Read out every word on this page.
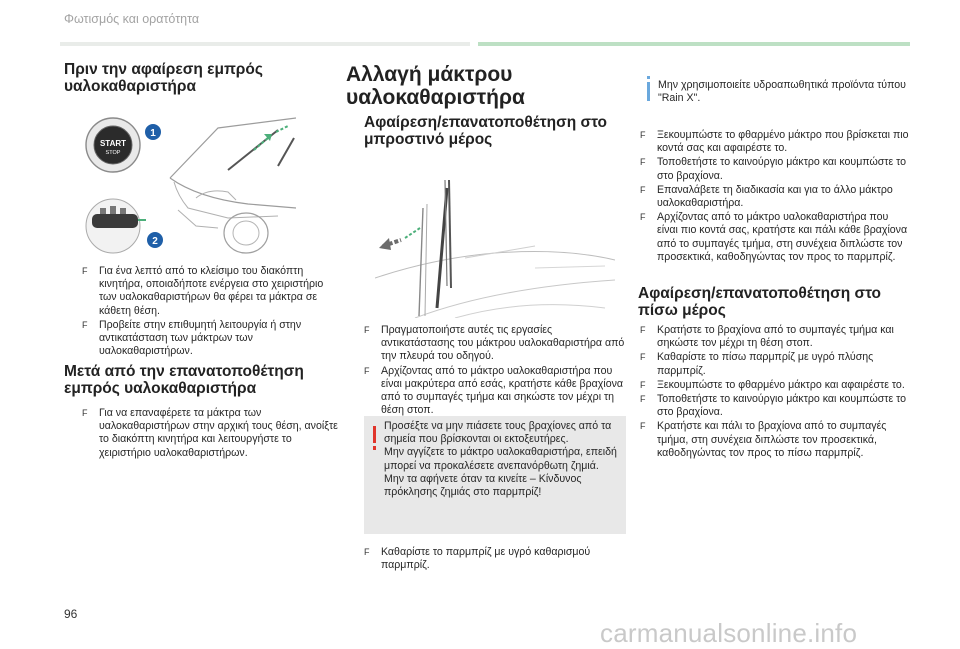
Φωτισμός και ορατότητα
Πριν την αφαίρεση εμπρός
υαλοκαθαριστήρα
START
STOP
1
2
F Για ένα λεπτό από το κλείσιμο του διακόπτη κινητήρα, οποιαδήποτε ενέργεια στο χειριστήριο των υαλοκαθαριστήρων θα φέρει τα μάκτρα σε κάθετη θέση.
F Προβείτε στην επιθυμητή λειτουργία ή στην αντικατάσταση των μάκτρων των υαλοκαθαριστήρων.
Μετά από την επανατοποθέτηση
εμπρός υαλοκαθαριστήρα
F Για να επαναφέρετε τα μάκτρα των υαλοκαθαριστήρων στην αρχική τους θέση, ανοίξτε το διακόπτη κινητήρα και λειτουργήστε το χειριστήριο υαλοκαθαριστήρων.
Αλλαγή μάκτρου
υαλοκαθαριστήρα
Αφαίρεση/επανατοποθέτηση στο
μπροστινό μέρος
F Πραγματοποιήστε αυτές τις εργασίες αντικατάστασης του μάκτρου υαλοκαθαριστήρα από την πλευρά του οδηγού.
F Αρχίζοντας από το μάκτρο υαλοκαθαριστήρα που είναι μακρύτερα από εσάς, κρατήστε κάθε βραχίονα από το συμπαγές τμήμα και σηκώστε τον μέχρι τη θέση στοπ.
Προσέξτε να μην πιάσετε τους βραχίονες από τα σημεία που βρίσκονται οι εκτοξευτήρες.
Μην αγγίζετε το μάκτρο υαλοκαθαριστήρα, επειδή μπορεί να προκαλέσετε ανεπανόρθωτη ζημιά.
Μην τα αφήνετε όταν τα κινείτε – Κίνδυνος πρόκλησης ζημιάς στο παρμπρίζ!
F Καθαρίστε το παρμπρίζ με υγρό καθαρισμού παρμπρίζ.
Μην χρησιμοποιείτε υδροαπωθητικά προϊόντα τύπου "Rain X".
F Ξεκουμπώστε το φθαρμένο μάκτρο που βρίσκεται πιο κοντά σας και αφαιρέστε το.
F Τοποθετήστε το καινούργιο μάκτρο και κουμπώστε το στο βραχίονα.
F Επαναλάβετε τη διαδικασία και για το άλλο μάκτρο υαλοκαθαριστήρα.
F Αρχίζοντας από το μάκτρο υαλοκαθαριστήρα που είναι πιο κοντά σας, κρατήστε και πάλι κάθε βραχίονα από το συμπαγές τμήμα, στη συνέχεια διπλώστε τον προσεκτικά, καθοδηγώντας τον προς το παρμπρίζ.
Αφαίρεση/επανατοποθέτηση στο
πίσω μέρος
F Κρατήστε το βραχίονα από το συμπαγές τμήμα και σηκώστε τον μέχρι τη θέση στοπ.
F Καθαρίστε το πίσω παρμπρίζ με υγρό πλύσης παρμπρίζ.
F Ξεκουμπώστε το φθαρμένο μάκτρο και αφαιρέστε το.
F Τοποθετήστε το καινούργιο μάκτρο και κουμπώστε το στο βραχίονα.
F Κρατήστε και πάλι το βραχίονα από το συμπαγές τμήμα, στη συνέχεια διπλώστε τον προσεκτικά, καθοδηγώντας τον προς το πίσω παρμπρίζ.
96
carmanualsonline.info
